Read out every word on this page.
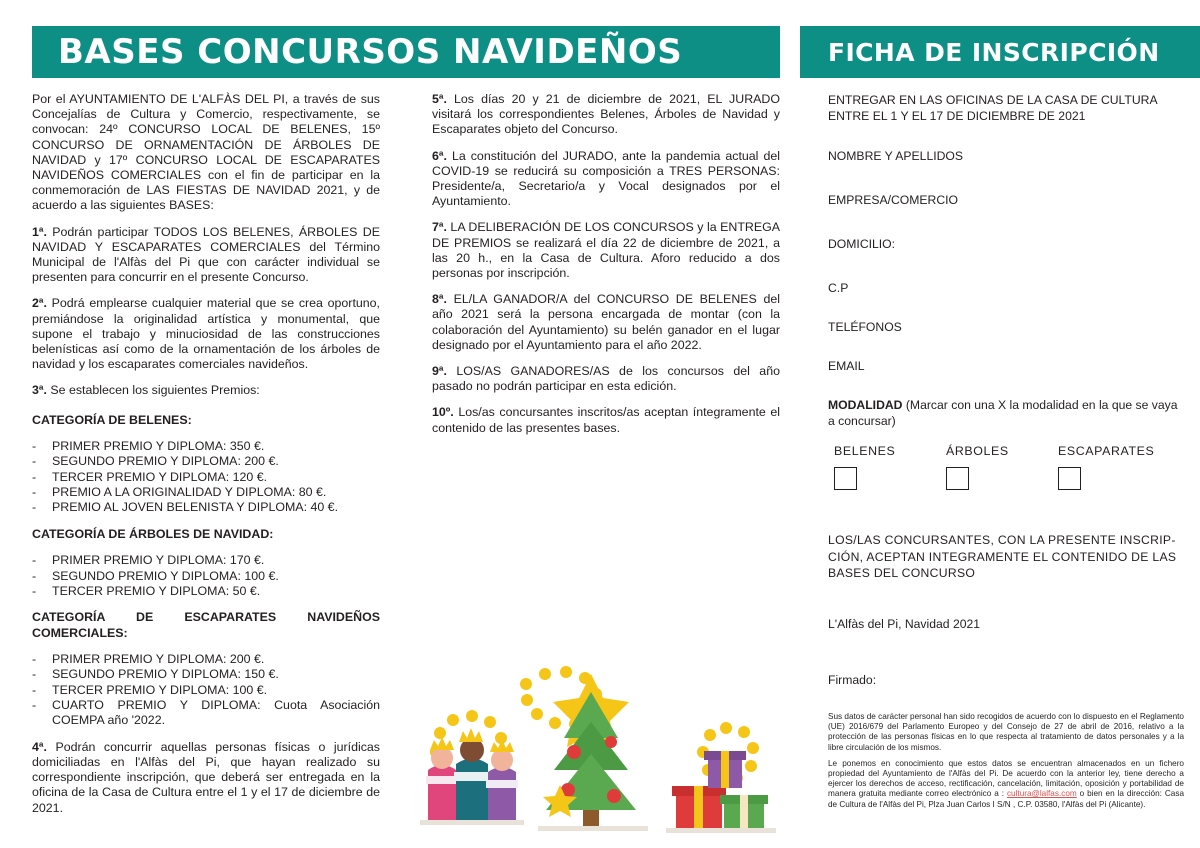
BASES CONCURSOS NAVIDEÑOS

Por el AYUNTAMIENTO DE L'ALFÀS DEL PI, a través de sus Concejalías de Cultura y Comercio, respectivamente, se convocan: 24º CONCURSO LOCAL DE BELENES, 15º CONCURSO DE ORNAMENTACIÓN DE ÁRBOLES DE NAVIDAD y 17º CONCURSO LOCAL DE ESCAPARATES NAVIDEÑOS COMERCIALES con el fin de participar en la conmemoración de LAS FIESTAS DE NAVIDAD 2021, y de acuerdo a las siguientes BASES:

1ª. Podrán participar TODOS LOS BELENES, ÁRBOLES DE NAVIDAD Y ESCAPARATES COMERCIALES del Término Municipal de l'Alfàs del Pi que con carácter individual se presenten para concurrir en el presente Concurso.

2ª. Podrá emplearse cualquier material que se crea oportuno, premiándose la originalidad artística y monumental, que supone el trabajo y minuciosidad de las construcciones belenísticas así como de la ornamentación de los árboles de navidad y los escaparates comerciales navideños.

3ª. Se establecen los siguientes Premios:

CATEGORÍA DE BELENES:

-PRIMER PREMIO Y DIPLOMA: 350 €.
-SEGUNDO PREMIO Y DIPLOMA: 200 €.
-TERCER PREMIO Y DIPLOMA: 120 €.
-PREMIO A LA ORIGINALIDAD Y DIPLOMA: 80 €.
-PREMIO AL JOVEN BELENISTA Y DIPLOMA: 40 €.

CATEGORÍA DE ÁRBOLES DE NAVIDAD:

-PRIMER PREMIO Y DIPLOMA: 170 €.
-SEGUNDO PREMIO Y DIPLOMA: 100 €.
-TERCER PREMIO Y DIPLOMA: 50 €.

CATEGORÍA DE ESCAPARATES NAVIDEÑOS COMERCIALES:

-PRIMER PREMIO Y DIPLOMA: 200 €.
-SEGUNDO PREMIO Y DIPLOMA: 150 €.
-TERCER PREMIO Y DIPLOMA: 100 €.
-CUARTO PREMIO Y DIPLOMA: Cuota Asociación COEMPA año '2022.

4ª. Podrán concurrir aquellas personas físicas o jurídicas domiciliadas en l'Alfàs del Pi, que hayan realizado su correspondiente inscripción, que deberá ser entregada en la oficina de la Casa de Cultura entre el 1 y el 17 de diciembre de 2021.

5ª. Los días 20 y 21 de diciembre de 2021, EL JURADO visitará los correspondientes Belenes, Árboles de Navidad y Escaparates objeto del Concurso.

6ª. La constitución del JURADO, ante la pandemia actual del COVID-19 se reducirá su composición a TRES PERSONAS: Presidente/a, Secretario/a y Vocal designados por el Ayuntamiento.

7ª. LA DELIBERACIÓN DE LOS CONCURSOS y la ENTREGA DE PREMIOS se realizará el día 22 de diciembre de 2021, a las 20 h., en la Casa de Cultura. Aforo reducido a dos personas por inscripción.

8ª. EL/LA GANADOR/A del CONCURSO DE BELENES del año 2021 será la persona encargada de montar (con la colaboración del Ayuntamiento) su belén ganador en el lugar designado por el Ayuntamiento para el año 2022.

9ª. LOS/AS GANADORES/AS de los concursos del año pasado no podrán participar en esta edición.

10º. Los/as concursantes inscritos/as aceptan íntegramente el contenido de las presentes bases.

FICHA DE INSCRIPCIÓN

ENTREGAR EN LAS OFICINAS DE LA CASA DE CULTURA ENTRE EL 1 Y EL 17 DE DICIEMBRE DE 2021

NOMBRE Y APELLIDOS

EMPRESA/COMERCIO

DOMICILIO:

C.P

TELÉFONOS

EMAIL

MODALIDAD (Marcar con una X la modalidad en la que se vaya a concursar)

BELENES	ÁRBOLES	ESCAPARATES

LOS/LAS CONCURSANTES, CON LA PRESENTE INSCRIP-CIÓN, ACEPTAN INTEGRAMENTE EL CONTENIDO DE LAS BASES DEL CONCURSO

L'Alfàs del Pi, Navidad 2021

Firmado:

Sus datos de carácter personal han sido recogidos de acuerdo con lo dispuesto en el Reglamento (UE) 2016/679 del Parlamento Europeo y del Consejo de 27 de abril de 2016, relativo a la protección de las personas físicas en lo que respecta al tratamiento de datos personales y a la libre circulación de los mismos.

Le ponemos en conocimiento que estos datos se encuentran almacenados en un fichero propiedad del Ayuntamiento de l'Alfàs del Pi. De acuerdo con la anterior ley, tiene derecho a ejercer los derechos de acceso, rectificación, cancelación, limitación, oposición y portabilidad de manera gratuita mediante correo electrónico a : cultura@lalfas.com o bien en la dirección: Casa de Cultura de l'Alfàs del Pi, Plza Juan Carlos I S/N , C.P. 03580, l'Alfàs del Pi (Alicante).
